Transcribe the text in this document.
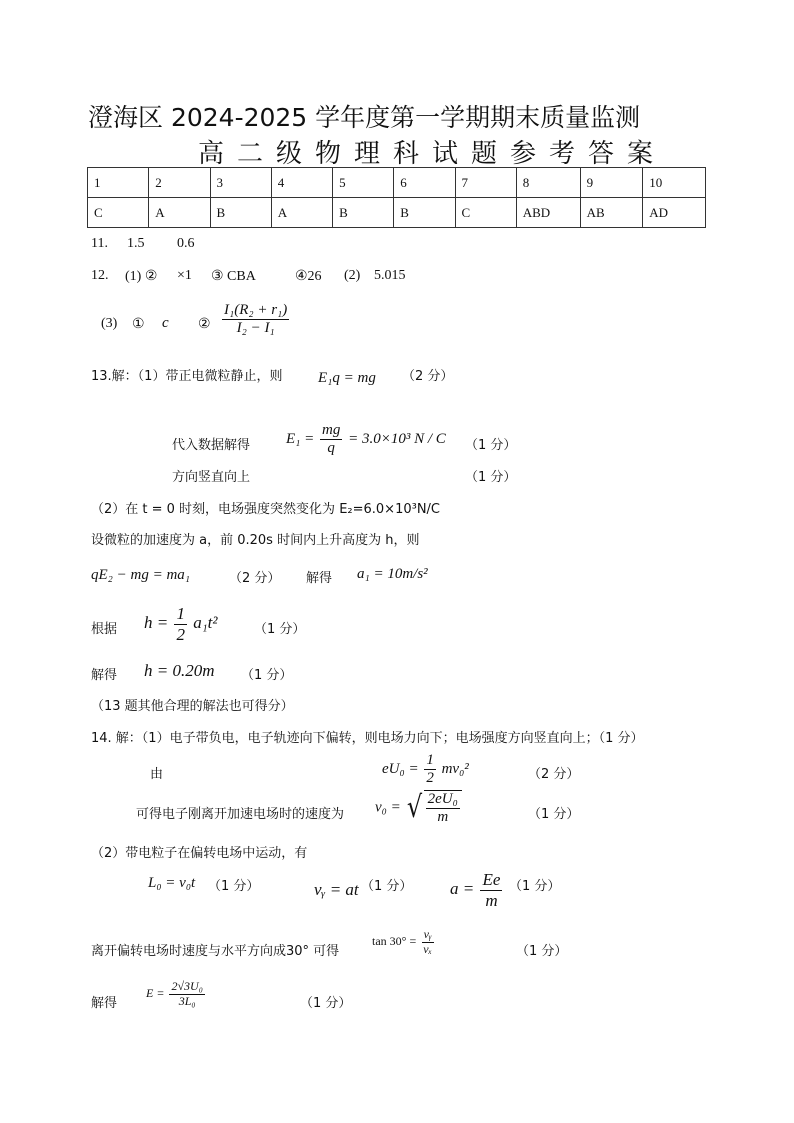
澄海区 2024-2025 学年度第一学期期末质量监测
高二级物理科试题参考答案
1	2	3	4	5	6	7	8	9	10
C	A	B	A	B	B	C	ABD	AB	AD
11. 1.5 0.6
12. (1) ② ×1 ③ CBA	④26 (2) 5.015
(3) ① c ② $\frac{\text{I₁(R₂ + r₁)}}{\text{I₂ − I₁}}$
13.解：（1）带正电微粒静止，则 E₁q = mg （2 分）
代入数据解得 $E_1 = \frac{mg}{q} = 3.0\times 10^3$ N / C （1 分）
方向竖直向上	（1 分）
（2）在 t = 0 时刻，电场强度突然变化为 E₂=6.0×10³N/C
设微粒的加速度为 a，前 0.20s 时间内上升高度为 h，则
qE₂ − mg = ma₁	（2 分） 解得 a₁ = 10m/s²
根据 $h = \frac{1}{2} a_1t^2$	（1 分）
解得 h = 0.20m （1 分）
（13 题其他合理的解法也可得分）
14. 解：（1）电子带负电，电子轨迹向下偏转，则电场力向下；电场强度方向竖直向上；（1 分）
由	$eU_0 = \frac{1}{2} mv_0^2$	（2 分）
可得电子刚离开加速电场时的速度为 v₀ = √ $\frac{\text{2eU₀}}{m}$	（1 分）
（2）带电粒子在偏转电场中运动，有
L₀ = v₀t （1 分）	vᵧ = at （1 分） $a = \frac{Ee}{m} (1$ 分）
离开偏转电场时速度与水平方向成30° 可得
$\tan 30^\circ = \frac{\text{vᵧ}}{\text{vₓ}}$	（1 分）
解得
$E = \frac{\text{2√3U₀}}{\text{3L₀}}$	（1 分）
